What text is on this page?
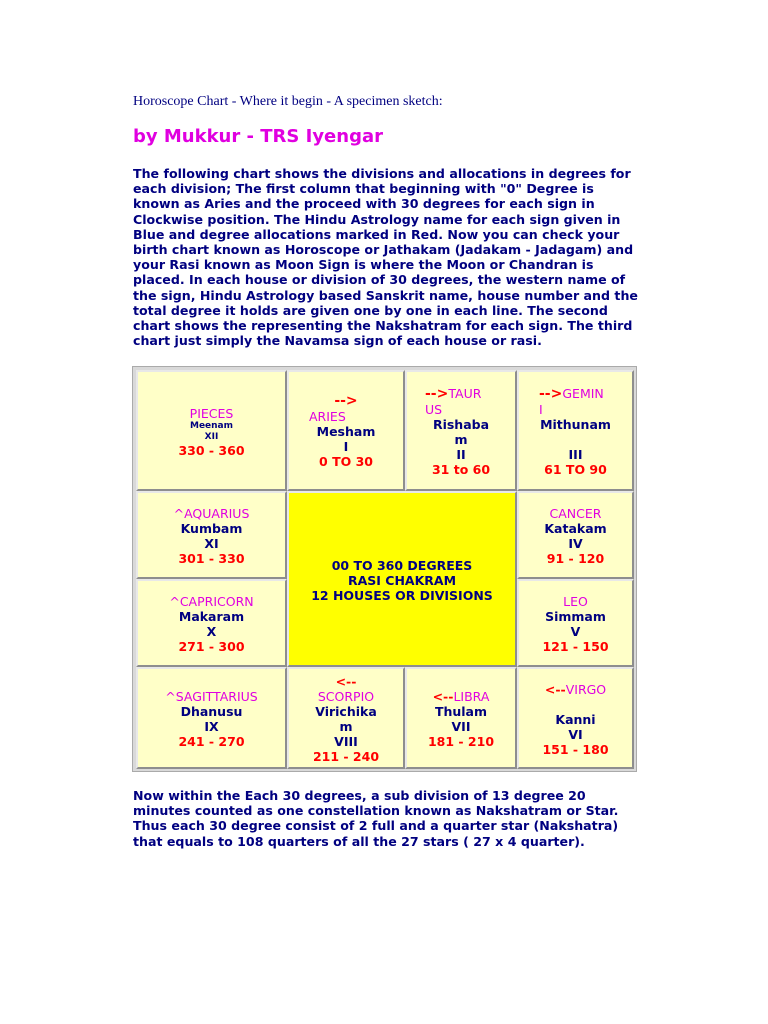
Horoscope Chart - Where it begin - A specimen sketch:
by Mukkur - TRS Iyengar
The following chart shows the divisions and allocations in degrees for
each division; The first column that beginning with "0" Degree is
known as Aries and the proceed with 30 degrees for each sign in
Clockwise position. The Hindu Astrology name for each sign given in
Blue and degree allocations marked in Red. Now you can check your
birth chart known as Horoscope or Jathakam (Jadakam - Jadagam) and
your Rasi known as Moon Sign is where the Moon or Chandran is
placed. In each house or division of 30 degrees, the western name of
the sign, Hindu Astrology based Sanskrit name, house number and the
total degree it holds are given one by one in each line. The second
chart shows the representing the Nakshatram for each sign. The third
chart just simply the Navamsa sign of each house or rasi.
PIECES
Meenam
XII
330 - 360
-->
ARIES
Mesham
I
0 TO 30
-->TAUR
US
Rishaba
m
II
31 to 60
-->GEMIN
I
Mithunam
III
61 TO 90
^AQUARIUS
Kumbam
XI
301 - 330	00 TO 360 DEGREES
RASI CHAKRAM
12 HOUSES OR DIVISIONS
CANCER
Katakam
IV
91 - 120
^CAPRICORN
Makaram
X
271 - 300
LEO
Simmam
V
121 - 150
^SAGITTARIUS
Dhanusu
IX
241 - 270
<--
SCORPIO
Virichika
m
VIII
211 - 240
<--LIBRA
Thulam
VII
181 - 210
<--VIRGO
Kanni
VI
151 - 180
Now within the Each 30 degrees, a sub division of 13 degree 20
minutes counted as one constellation known as Nakshatram or Star.
Thus each 30 degree consist of 2 full and a quarter star (Nakshatra)
that equals to 108 quarters of all the 27 stars ( 27 x 4 quarter).
